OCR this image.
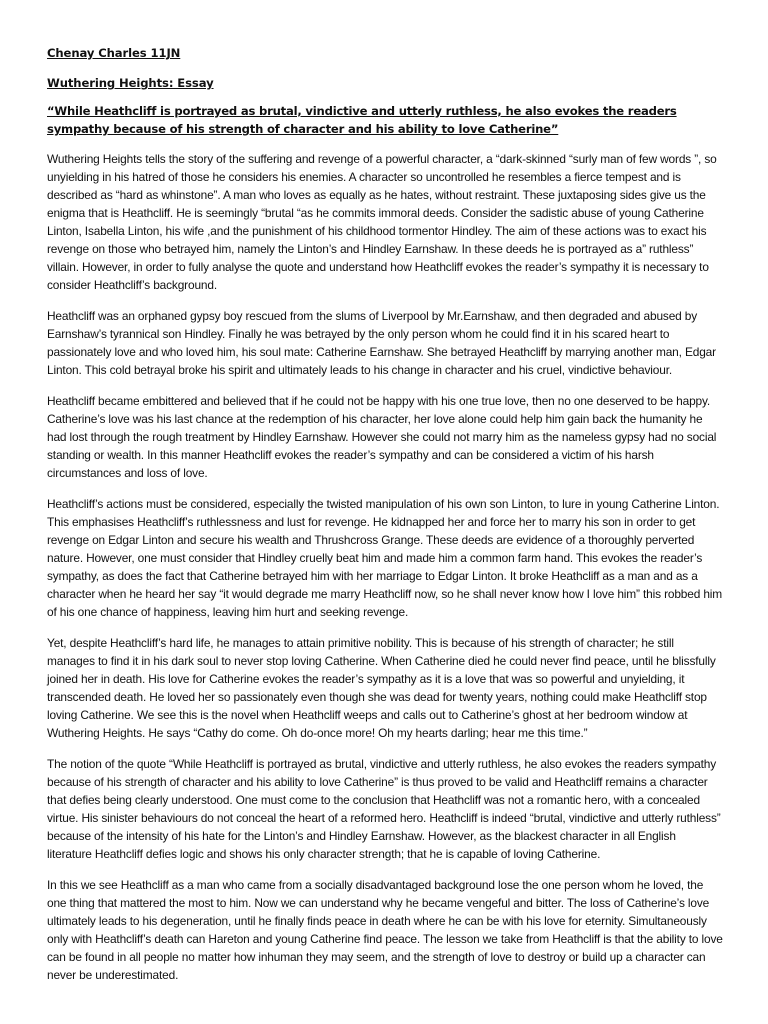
Chenay Charles 11JN

Wuthering Heights: Essay

“While Heathcliff is portrayed as brutal, vindictive and utterly ruthless, he also evokes the readers sympathy because of his strength of character and his ability to love Catherine”

Wuthering Heights tells the story of the suffering and revenge of a powerful character, a “dark-skinned “surly man of few words ”, so unyielding in his hatred of those he considers his enemies. A character so uncontrolled he resembles a fierce tempest and is described as “hard as whinstone”. A man who loves as equally as he hates, without restraint. These juxtaposing sides give us the enigma that is Heathcliff. He is seemingly “brutal “as he commits immoral deeds. Consider the sadistic abuse of young Catherine Linton, Isabella Linton, his wife ,and the punishment of his childhood tormentor Hindley. The aim of these actions was to exact his revenge on those who betrayed him, namely the Linton’s and Hindley Earnshaw. In these deeds he is portrayed as a” ruthless” villain. However, in order to fully analyse the quote and understand how Heathcliff evokes the reader’s sympathy it is necessary to consider Heathcliff’s background.

Heathcliff was an orphaned gypsy boy rescued from the slums of Liverpool by Mr.Earnshaw, and then degraded and abused by Earnshaw’s tyrannical son Hindley. Finally he was betrayed by the only person whom he could find it in his scared heart to passionately love and who loved him, his soul mate: Catherine Earnshaw. She betrayed Heathcliff by marrying another man, Edgar Linton. This cold betrayal broke his spirit and ultimately leads to his change in character and his cruel, vindictive behaviour.

Heathcliff became embittered and believed that if he could not be happy with his one true love, then no one deserved to be happy. Catherine’s love was his last chance at the redemption of his character, her love alone could help him gain back the humanity he had lost through the rough treatment by Hindley Earnshaw. However she could not marry him as the nameless gypsy had no social standing or wealth. In this manner Heathcliff evokes the reader’s sympathy and can be considered a victim of his harsh circumstances and loss of love.

Heathcliff’s actions must be considered, especially the twisted manipulation of his own son Linton, to lure in young Catherine Linton. This emphasises Heathcliff’s ruthlessness and lust for revenge. He kidnapped her and force her to marry his son in order to get revenge on Edgar Linton and secure his wealth and Thrushcross Grange. These deeds are evidence of a thoroughly perverted nature. However, one must consider that Hindley cruelly beat him and made him a common farm hand. This evokes the reader’s sympathy, as does the fact that Catherine betrayed him with her marriage to Edgar Linton. It broke Heathcliff as a man and as a character when he heard her say “it would degrade me marry Heathcliff now, so he shall never know how I love him” this robbed him of his one chance of happiness, leaving him hurt and seeking revenge.

Yet, despite Heathcliff’s hard life, he manages to attain primitive nobility. This is because of his strength of character; he still manages to find it in his dark soul to never stop loving Catherine. When Catherine died he could never find peace, until he blissfully joined her in death. His love for Catherine evokes the reader’s sympathy as it is a love that was so powerful and unyielding, it transcended death. He loved her so passionately even though she was dead for twenty years, nothing could make Heathcliff stop loving Catherine. We see this is the novel when Heathcliff weeps and calls out to Catherine’s ghost at her bedroom window at Wuthering Heights. He says “Cathy do come. Oh do-once more! Oh my hearts darling; hear me this time.”

The notion of the quote “While Heathcliff is portrayed as brutal, vindictive and utterly ruthless, he also evokes the readers sympathy because of his strength of character and his ability to love Catherine” is thus proved to be valid and Heathcliff remains a character that defies being clearly understood. One must come to the conclusion that Heathcliff was not a romantic hero, with a concealed virtue. His sinister behaviours do not conceal the heart of a reformed hero. Heathcliff is indeed “brutal, vindictive and utterly ruthless” because of the intensity of his hate for the Linton’s and Hindley Earnshaw. However, as the blackest character in all English literature Heathcliff defies logic and shows his only character strength; that he is capable of loving Catherine.

In this we see Heathcliff as a man who came from a socially disadvantaged background lose the one person whom he loved, the one thing that mattered the most to him. Now we can understand why he became vengeful and bitter. The loss of Catherine’s love ultimately leads to his degeneration, until he finally finds peace in death where he can be with his love for eternity. Simultaneously only with Heathcliff’s death can Hareton and young Catherine find peace. The lesson we take from Heathcliff is that the ability to love can be found in all people no matter how inhuman they may seem, and the strength of love to destroy or build up a character can never be underestimated.
